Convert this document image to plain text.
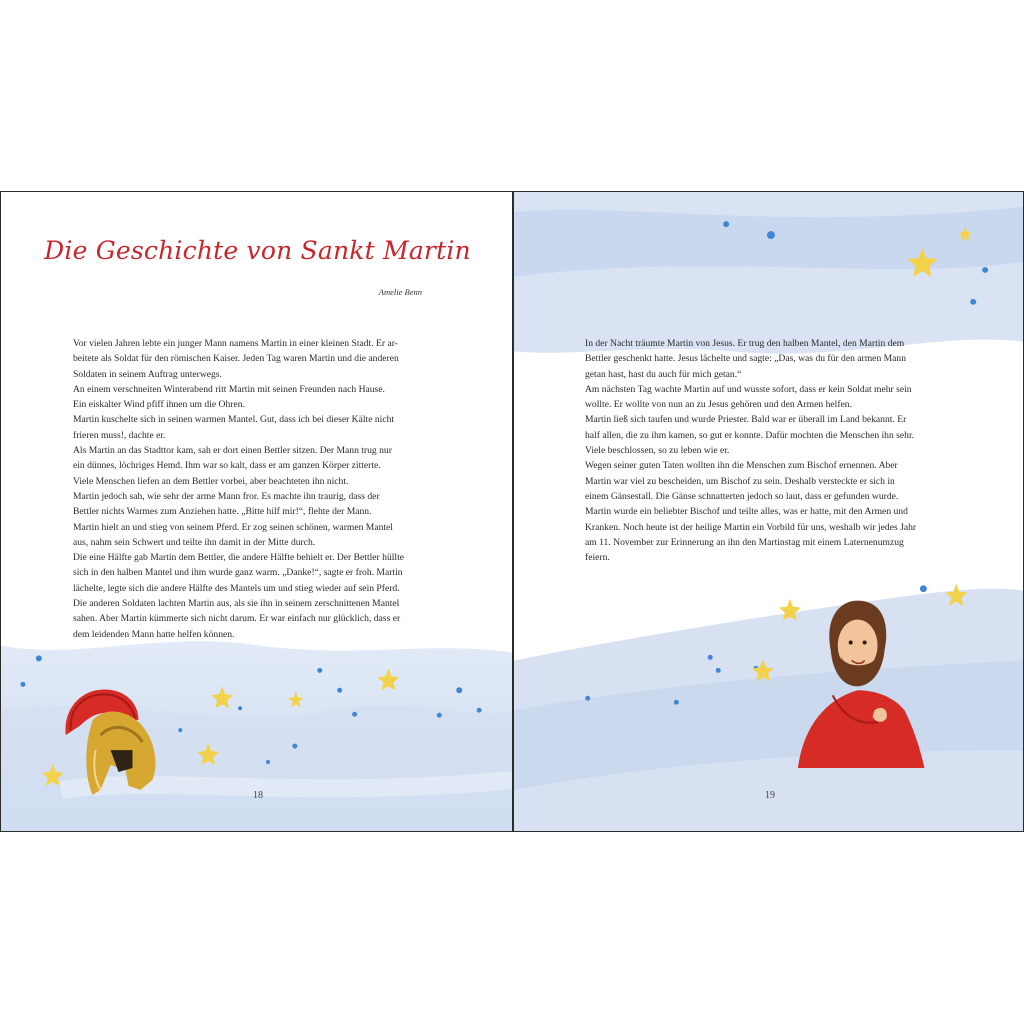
Die Geschichte von Sankt Martin
Amelie Benn

Vor vielen Jahren lebte ein junger Mann namens Martin in einer kleinen Stadt. Er ar-
beitete als Soldat für den römischen Kaiser. Jeden Tag waren Martin und die anderen
Soldaten in seinem Auftrag unterwegs.

An einem verschneiten Winterabend ritt Martin mit seinen Freunden nach Hause.
Ein eiskalter Wind pfiff ihnen um die Ohren.

Martin kuschelte sich in seinen warmen Mantel. Gut, dass ich bei dieser Kälte nicht
frieren muss!, dachte er.

Als Martin an das Stadttor kam, sah er dort einen Bettler sitzen. Der Mann trug nur
ein dünnes, löchriges Hemd. Ihm war so kalt, dass er am ganzen Körper zitterte.

Viele Menschen liefen an dem Bettler vorbei, aber beachteten ihn nicht.

Martin jedoch sah, wie sehr der arme Mann fror. Es machte ihn traurig, dass der
Bettler nichts Warmes zum Anziehen hatte. „Bitte hilf mir!“, flehte der Mann.

Martin hielt an und stieg von seinem Pferd. Er zog seinen schönen, warmen Mantel
aus, nahm sein Schwert und teilte ihn damit in der Mitte durch.

Die eine Hälfte gab Martin dem Bettler, die andere Hälfte behielt er. Der Bettler hüllte
sich in den halben Mantel und ihm wurde ganz warm. „Danke!“, sagte er froh. Martin
lächelte, legte sich die andere Hälfte des Mantels um und stieg wieder auf sein Pferd.

Die anderen Soldaten lachten Martin aus, als sie ihn in seinem zerschnittenen Mantel
sahen. Aber Martin kümmerte sich nicht darum. Er war einfach nur glücklich, dass er
dem leidenden Mann hatte helfen können.

18

In der Nacht träumte Martin von Jesus. Er trug den halben Mantel, den Martin dem
Bettler geschenkt hatte. Jesus lächelte und sagte: „Das, was du für den armen Mann
getan hast, hast du auch für mich getan.“

Am nächsten Tag wachte Martin auf und wusste sofort, dass er kein Soldat mehr sein
wollte. Er wollte von nun an zu Jesus gehören und den Armen helfen.

Martin ließ sich taufen und wurde Priester. Bald war er überall im Land bekannt. Er
half allen, die zu ihm kamen, so gut er konnte. Dafür mochten die Menschen ihn sehr.

Viele beschlossen, so zu leben wie er.

Wegen seiner guten Taten wollten ihn die Menschen zum Bischof ernennen. Aber
Martin war viel zu bescheiden, um Bischof zu sein. Deshalb versteckte er sich in
einem Gänsestall. Die Gänse schnatterten jedoch so laut, dass er gefunden wurde.

Martin wurde ein beliebter Bischof und teilte alles, was er hatte, mit den Armen und
Kranken. Noch heute ist der heilige Martin ein Vorbild für uns, weshalb wir jedes Jahr
am 11. November zur Erinnerung an ihn den Martinstag mit einem Laternenumzug
feiern.

19
